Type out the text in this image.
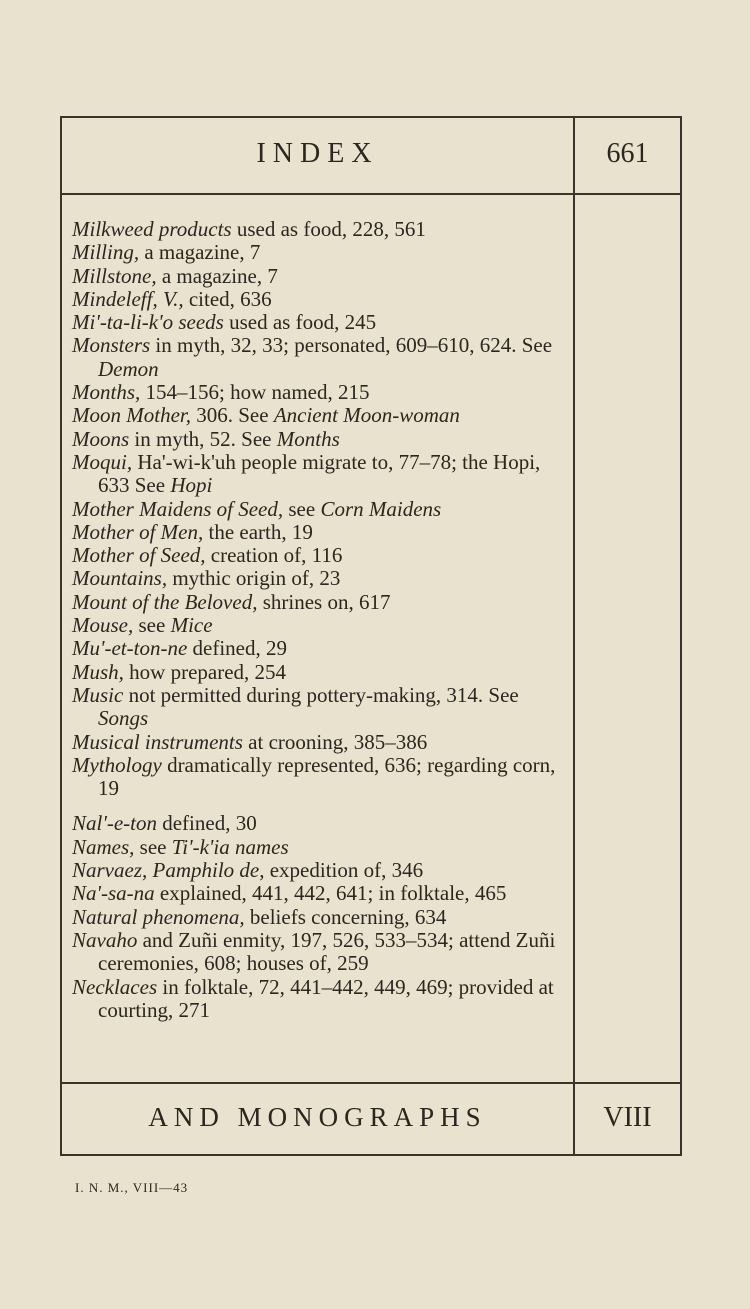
INDEX	661
Milkweed products used as food, 228, 561
Milling, a magazine, 7
Millstone, a magazine, 7
Mindeleff, V., cited, 636
Mi'-ta-li-k'o seeds used as food, 245
Monsters in myth, 32, 33; personated, 609–610, 624. See Demon
Months, 154–156; how named, 215
Moon Mother, 306. See Ancient Moon-woman
Moons in myth, 52. See Months
Moqui, Ha'-wi-k'uh people migrate to, 77–78; the Hopi, 633 See Hopi
Mother Maidens of Seed, see Corn Maidens
Mother of Men, the earth, 19
Mother of Seed, creation of, 116
Mountains, mythic origin of, 23
Mount of the Beloved, shrines on, 617
Mouse, see Mice
Mu'-et-ton-ne defined, 29
Mush, how prepared, 254
Music not permitted during pottery-making, 314. See Songs
Musical instruments at crooning, 385–386
Mythology dramatically represented, 636; regarding corn, 19
Nal'-e-ton defined, 30
Names, see Ti'-k'ia names
Narvaez, Pamphilo de, expedition of, 346
Na'-sa-na explained, 441, 442, 641; in folktale, 465
Natural phenomena, beliefs concerning, 634
Navaho and Zuñi enmity, 197, 526, 533–534; attend Zuñi ceremonies, 608; houses of, 259
Necklaces in folktale, 72, 441–442, 449, 469; provided at courting, 271
AND MONOGRAPHS	VIII
I. N. M., VIII—43
